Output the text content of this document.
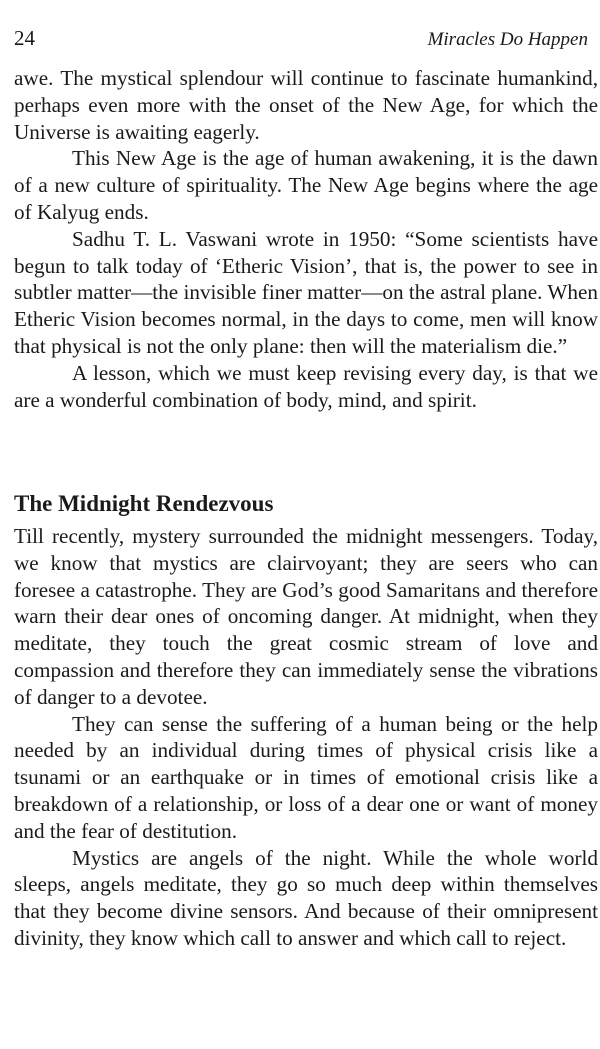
24	Miracles Do Happen

awe. The mystical splendour will continue to fascinate humankind, perhaps even more with the onset of the New Age, for which the Universe is awaiting eagerly.

This New Age is the age of human awakening, it is the dawn of a new culture of spirituality. The New Age begins where the age of Kalyug ends.

Sadhu T. L. Vaswani wrote in 1950: “Some scientists have begun to talk today of ‘Etheric Vision’, that is, the power to see in subtler matter—the invisible finer matter—on the astral plane. When Etheric Vision becomes normal, in the days to come, men will know that physical is not the only plane: then will the materialism die.”

A lesson, which we must keep revising every day, is that we are a wonderful combination of body, mind, and spirit.

The Midnight Rendezvous

Till recently, mystery surrounded the midnight messengers. Today, we know that mystics are clairvoyant; they are seers who can foresee a catastrophe. They are God’s good Samaritans and therefore warn their dear ones of oncoming danger. At midnight, when they meditate, they touch the great cosmic stream of love and compassion and therefore they can immediately sense the vibrations of danger to a devotee.

They can sense the suffering of a human being or the help needed by an individual during times of physical crisis like a tsunami or an earthquake or in times of emotional crisis like a breakdown of a relationship, or loss of a dear one or want of money and the fear of destitution.

Mystics are angels of the night. While the whole world sleeps, angels meditate, they go so much deep within themselves that they become divine sensors. And because of their omnipresent divinity, they know which call to answer and which call to reject.
